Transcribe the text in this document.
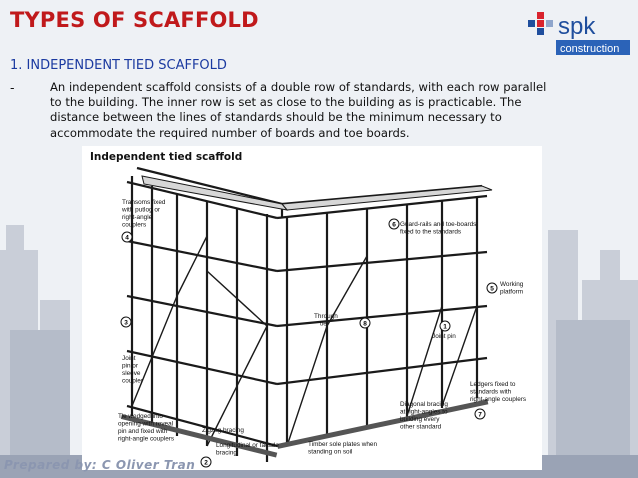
TYPES OF SCAFFOLD	spk
construction
1. INDEPENDENT TIED SCAFFOLD
-	An independent scaffold consists of a double row of standards, with each row parallel
to the building. The inner row is set as close to the building as is practicable. The
distance between the lines of standards should be the minimum necessary to
accommodate the required number of boards and toe boards.
Independent tied scaffold
Transoms fixed with putlog or right-angle couplers	Guard-rails and toe-boards fixed to the standards
Working platform
Through tie
Joint pin
Joint pin or sleeve coupler
Tie wedged into opening with reveal pin and fixed with right-angle couplers
Zigzag bracing
Longitudinal or facade bracing
Timber sole plates when standing on soil
Diagonal bracing at right-angles to building every other standard
Ledgers fixed to standards with right-angle couplers
4
6
5
8
2
7
3
1
Prepared by: C Oliver Tran
